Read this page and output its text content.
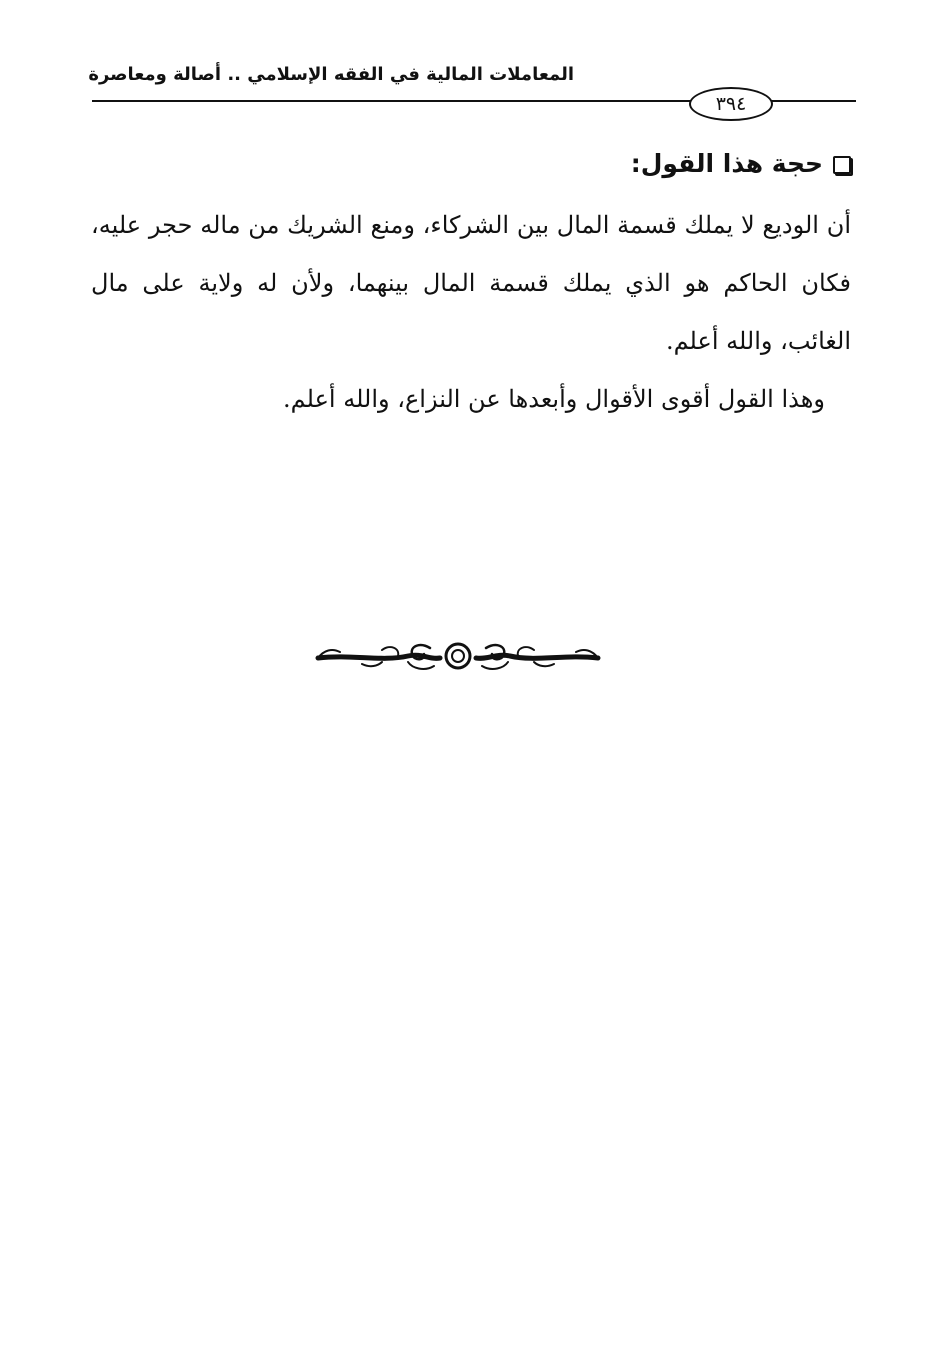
المعاملات المالية في الفقه الإسلامي .. أصالة ومعاصرة
٣٩٤
حجة هذا القول:
أن الوديع لا يملك قسمة المال بين الشركاء، ومنع الشريك من ماله حجر عليه، فكان الحاكم هو الذي يملك قسمة المال بينهما، ولأن له ولاية على مال الغائب، والله أعلم.
وهذا القول أقوى الأقوال وأبعدها عن النزاع، والله أعلم.
